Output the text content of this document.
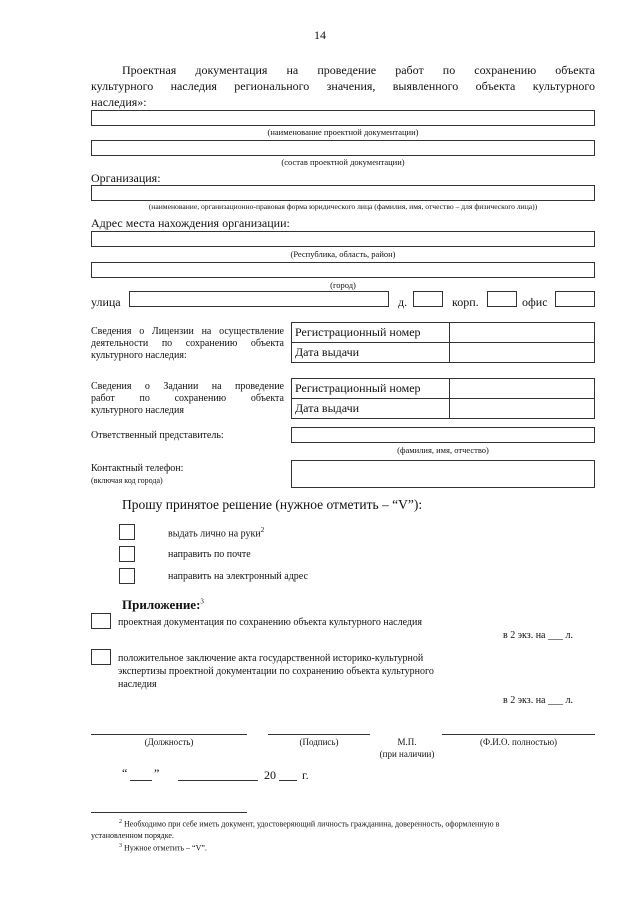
14
Проектная документация на проведение работ по сохранению объекта
культурного наследия регионального значения, выявленного объекта культурного
наследия»:
(наименование проектной документации)
(состав проектной документации)
Организация:
(наименование, организационно-правовая форма юридического лица (фамилия, имя, отчество – для физического лица))
Адрес места нахождения организации:
(Республика, область, район)
(город)
улица	д.	корп.	офис
Сведения о Лицензии на осуществление
деятельности по сохранению объекта
культурного наследия:
Регистрационный номер	
Дата выдачи	
Сведения о Задании на проведение
работ по сохранению объекта
культурного наследия
Регистрационный номер	
Дата выдачи	
Ответственный представитель:
(фамилия, имя, отчество)
Контактный телефон:
(включая код города)
Прошу принятое решение (нужное отметить – “V”):
выдать лично на руки$^2$
направить по почте
направить на электронный адрес
Приложение:$^3$
проектная документация по сохранению объекта культурного наследия
в 2 экз. на ___ л.
положительное заключение акта государственной историко-культурной
экспертизы проектной документации по сохранению объекта культурного
наследия
в 2 экз. на ___ л.
(Должность)	(Подпись)	М.П.
(при наличии)
(Ф.И.О. полностью)
“ ”	20 г.
$^2$ Необходимо при себе иметь документ, удостоверяющий личность гражданина, доверенность, оформленную в
установленном порядке.
$^3$ Нужное отметить – “V”.
